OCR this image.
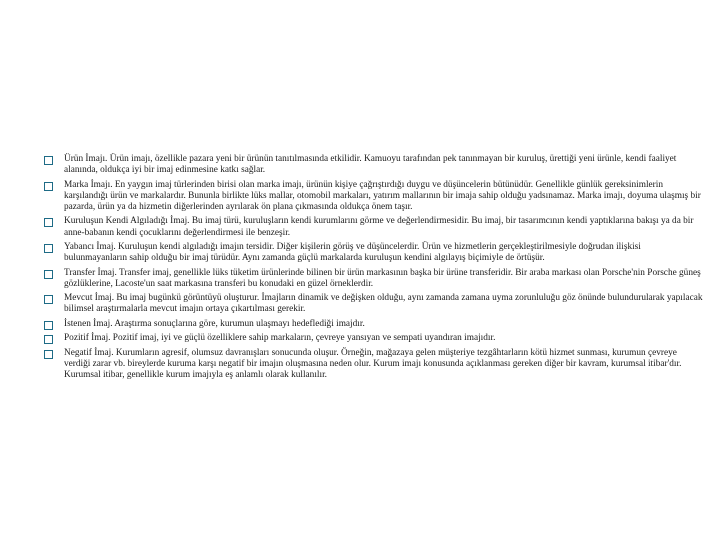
Ürün İmajı. Ürün imajı, özellikle pazara yeni bir ürünün tanıtılmasında etkilidir. Kamuoyu tarafından pek tanınmayan bir kuruluş, ürettiği yeni ürünle, kendi faaliyet alanında, oldukça iyi bir imaj edinmesine katkı sağlar.
Marka İmajı. En yaygın imaj türlerinden birisi olan marka imajı, ürünün kişiye çağrıştırdığı duygu ve düşüncelerin bütünüdür. Genellikle günlük gereksinimlerin karşılandığı ürün ve markalardır. Bununla birlikte lüks mallar, otomobil markaları, yatırım mallarının bir imaja sahip olduğu yadsınamaz. Marka imajı, doyuma ulaşmış bir pazarda, ürün ya da hizmetin diğerlerinden ayrılarak ön plana çıkmasında oldukça önem taşır.
Kuruluşun Kendi Algıladığı İmaj. Bu imaj türü, kuruluşların kendi kurumlarını görme ve değerlendirmesidir. Bu imaj, bir tasarımcının kendi yaptıklarına bakışı ya da bir anne-babanın kendi çocuklarını değerlendirmesi ile benzeşir.
Yabancı İmaj. Kuruluşun kendi algıladığı imajın tersidir. Diğer kişilerin görüş ve düşüncelerdir. Ürün ve hizmetlerin gerçekleştirilmesiyle doğrudan ilişkisi bulunmayanların sahip olduğu bir imaj türüdür. Aynı zamanda güçlü markalarda kuruluşun kendini algılayış biçimiyle de örtüşür.
Transfer İmaj. Transfer imaj, genellikle lüks tüketim ürünlerinde bilinen bir ürün markasının başka bir ürüne transferidir. Bir araba markası olan Porsche'nin Porsche güneş gözlüklerine, Lacoste'un saat markasına transferi bu konudaki en güzel örneklerdir.
Mevcut İmaj. Bu imaj bugünkü görüntüyü oluşturur. İmajların dinamik ve değişken olduğu, aynı zamanda zamana uyma zorunluluğu göz önünde bulundurularak yapılacak bilimsel araştırmalarla mevcut imajın ortaya çıkartılması gerekir.
İstenen İmaj. Araştırma sonuçlarına göre, kurumun ulaşmayı hedeflediği imajdır.
Pozitif İmaj. Pozitif imaj, iyi ve güçlü özelliklere sahip markaların, çevreye yansıyan ve sempati uyandıran imajıdır.
Negatif İmaj. Kurumların agresif, olumsuz davranışları sonucunda oluşur. Örneğin, mağazaya gelen müşteriye tezgâhtarların kötü hizmet sunması, kurumun çevreye verdiği zarar vb. bireylerde kuruma karşı negatif bir imajın oluşmasına neden olur. Kurum imajı konusunda açıklanması gereken diğer bir kavram, kurumsal itibar'dır. Kurumsal itibar, genellikle kurum imajıyla eş anlamlı olarak kullanılır.
